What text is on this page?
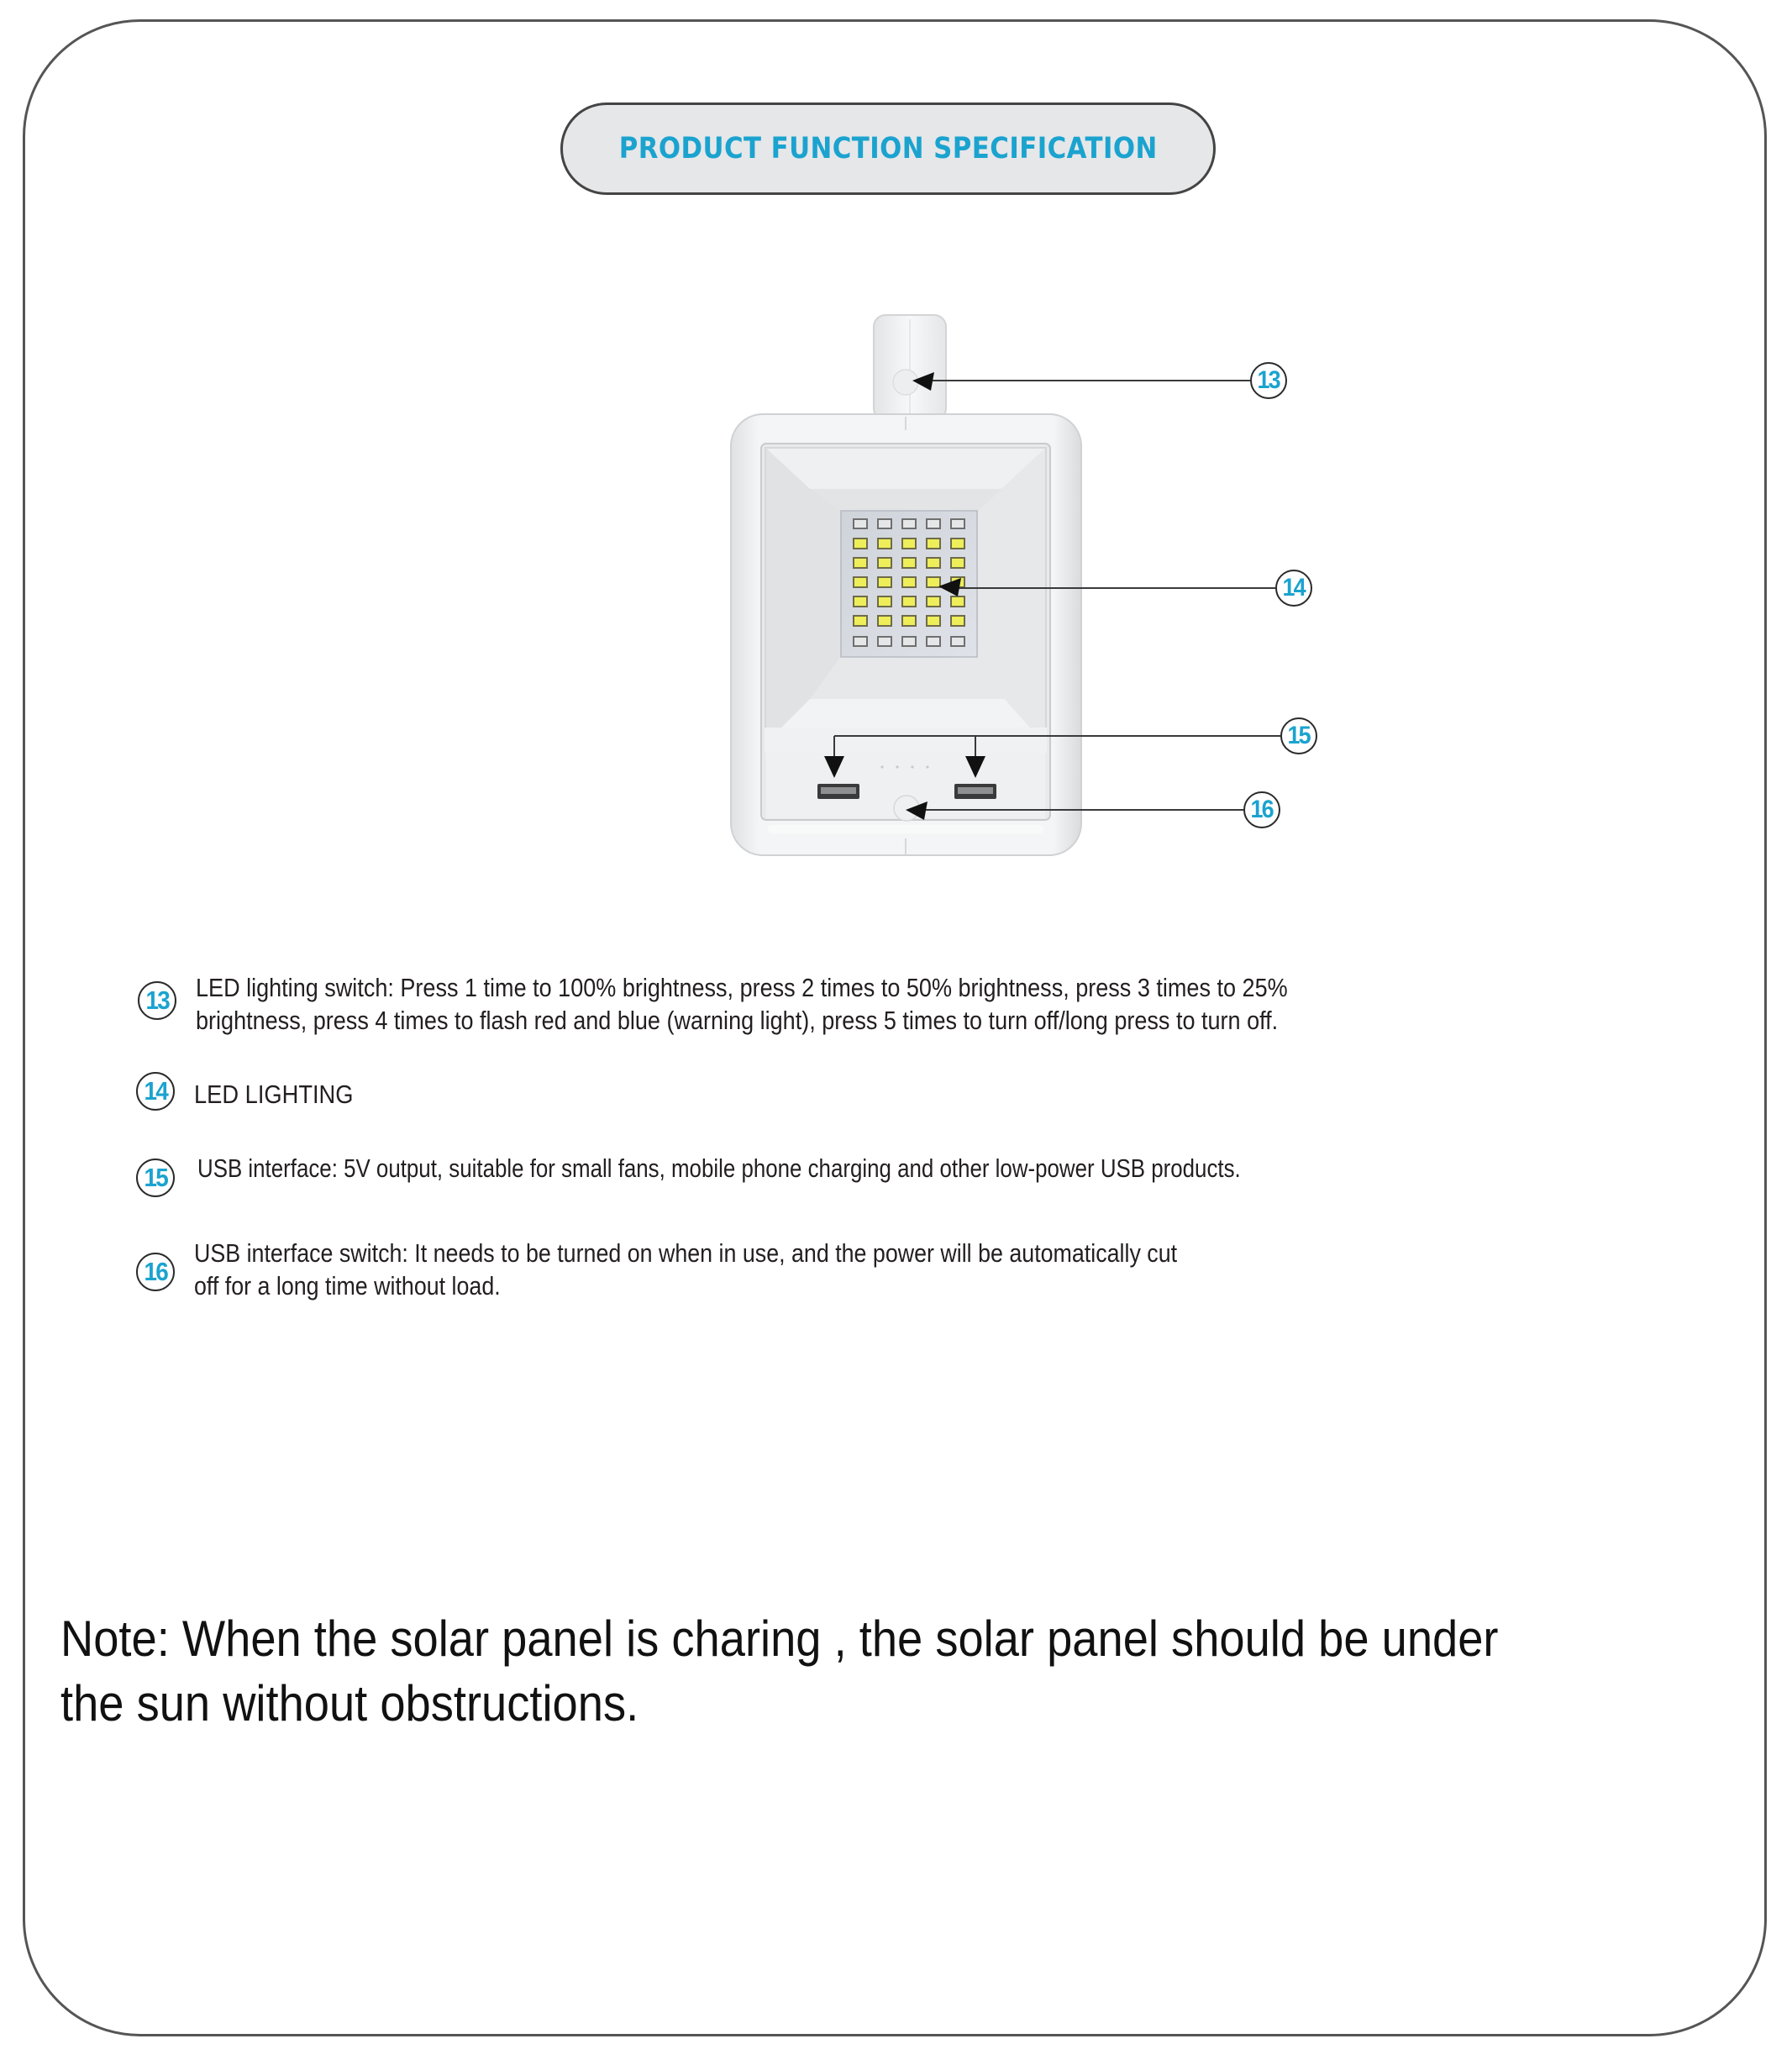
PRODUCT FUNCTION SPECIFICATION
13
14
15
16
13 LED lighting switch: Press 1 time to 100% brightness, press 2 times to 50% brightness, press 3 times to 25%
brightness, press 4 times to flash red and blue (warning light), press 5 times to turn off/long press to turn off.
14 LED LIGHTING
15 USB interface: 5V output, suitable for small fans, mobile phone charging and other low-power USB products.
16
USB interface switch: It needs to be turned on when in use, and the power will be automatically cut
off for a long time without load.
Note: When the solar panel is charing , the solar panel should be under
the sun without obstructions.
